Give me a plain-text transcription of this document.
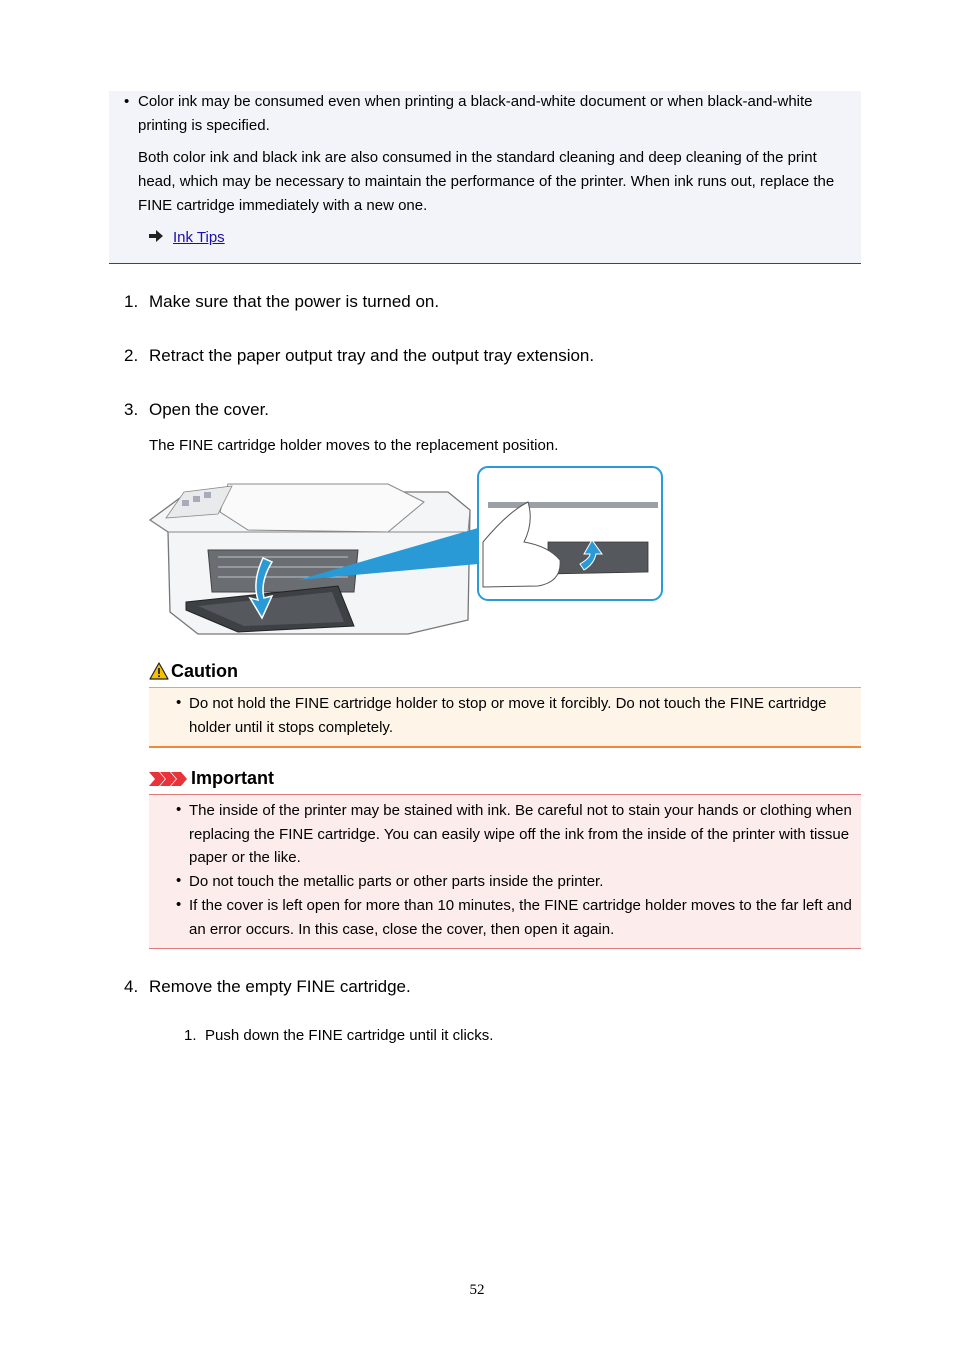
• Color ink may be consumed even when printing a black-and-white document or when black-and-white printing is specified.
Both color ink and black ink are also consumed in the standard cleaning and deep cleaning of the print head, which may be necessary to maintain the performance of the printer. When ink runs out, replace the FINE cartridge immediately with a new one.
Ink Tips
1. Make sure that the power is turned on.
2. Retract the paper output tray and the output tray extension.
3. Open the cover.
The FINE cartridge holder moves to the replacement position.
Caution
• Do not hold the FINE cartridge holder to stop or move it forcibly. Do not touch the FINE cartridge holder until it stops completely.
Important
• The inside of the printer may be stained with ink. Be careful not to stain your hands or clothing when replacing the FINE cartridge. You can easily wipe off the ink from the inside of the printer with tissue paper or the like.
• Do not touch the metallic parts or other parts inside the printer.
• If the cover is left open for more than 10 minutes, the FINE cartridge holder moves to the far left and an error occurs. In this case, close the cover, then open it again.
4. Remove the empty FINE cartridge.
1. Push down the FINE cartridge until it clicks.
52
